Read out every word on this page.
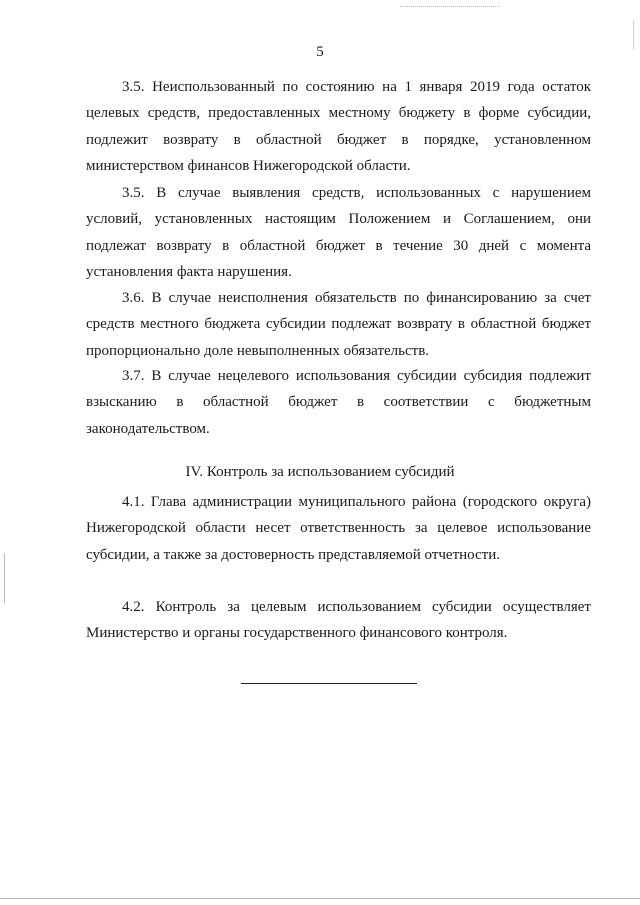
5

3.5. Неиспользованный по состоянию на 1 января 2019 года остаток целевых средств, предоставленных местному бюджету в форме субсидии, подлежит возврату в областной бюджет в порядке, установленном министерством финансов Нижегородской области.

3.5. В случае выявления средств, использованных с нарушением условий, установленных настоящим Положением и Соглашением, они подлежат возврату в областной бюджет в течение 30 дней с момента установления факта нарушения.

3.6. В случае неисполнения обязательств по финансированию за счет средств местного бюджета субсидии подлежат возврату в областной бюджет пропорционально доле невыполненных обязательств.

3.7. В случае нецелевого использования субсидии субсидия подлежит взысканию в областной бюджет в соответствии с бюджетным законодательством.

IV. Контроль за использованием субсидий

4.1. Глава администрации муниципального района (городского округа) Нижегородской области несет ответственность за целевое использование субсидии, а также за достоверность представляемой отчетности.

4.2. Контроль за целевым использованием субсидии осуществляет Министерство и органы государственного финансового контроля.
